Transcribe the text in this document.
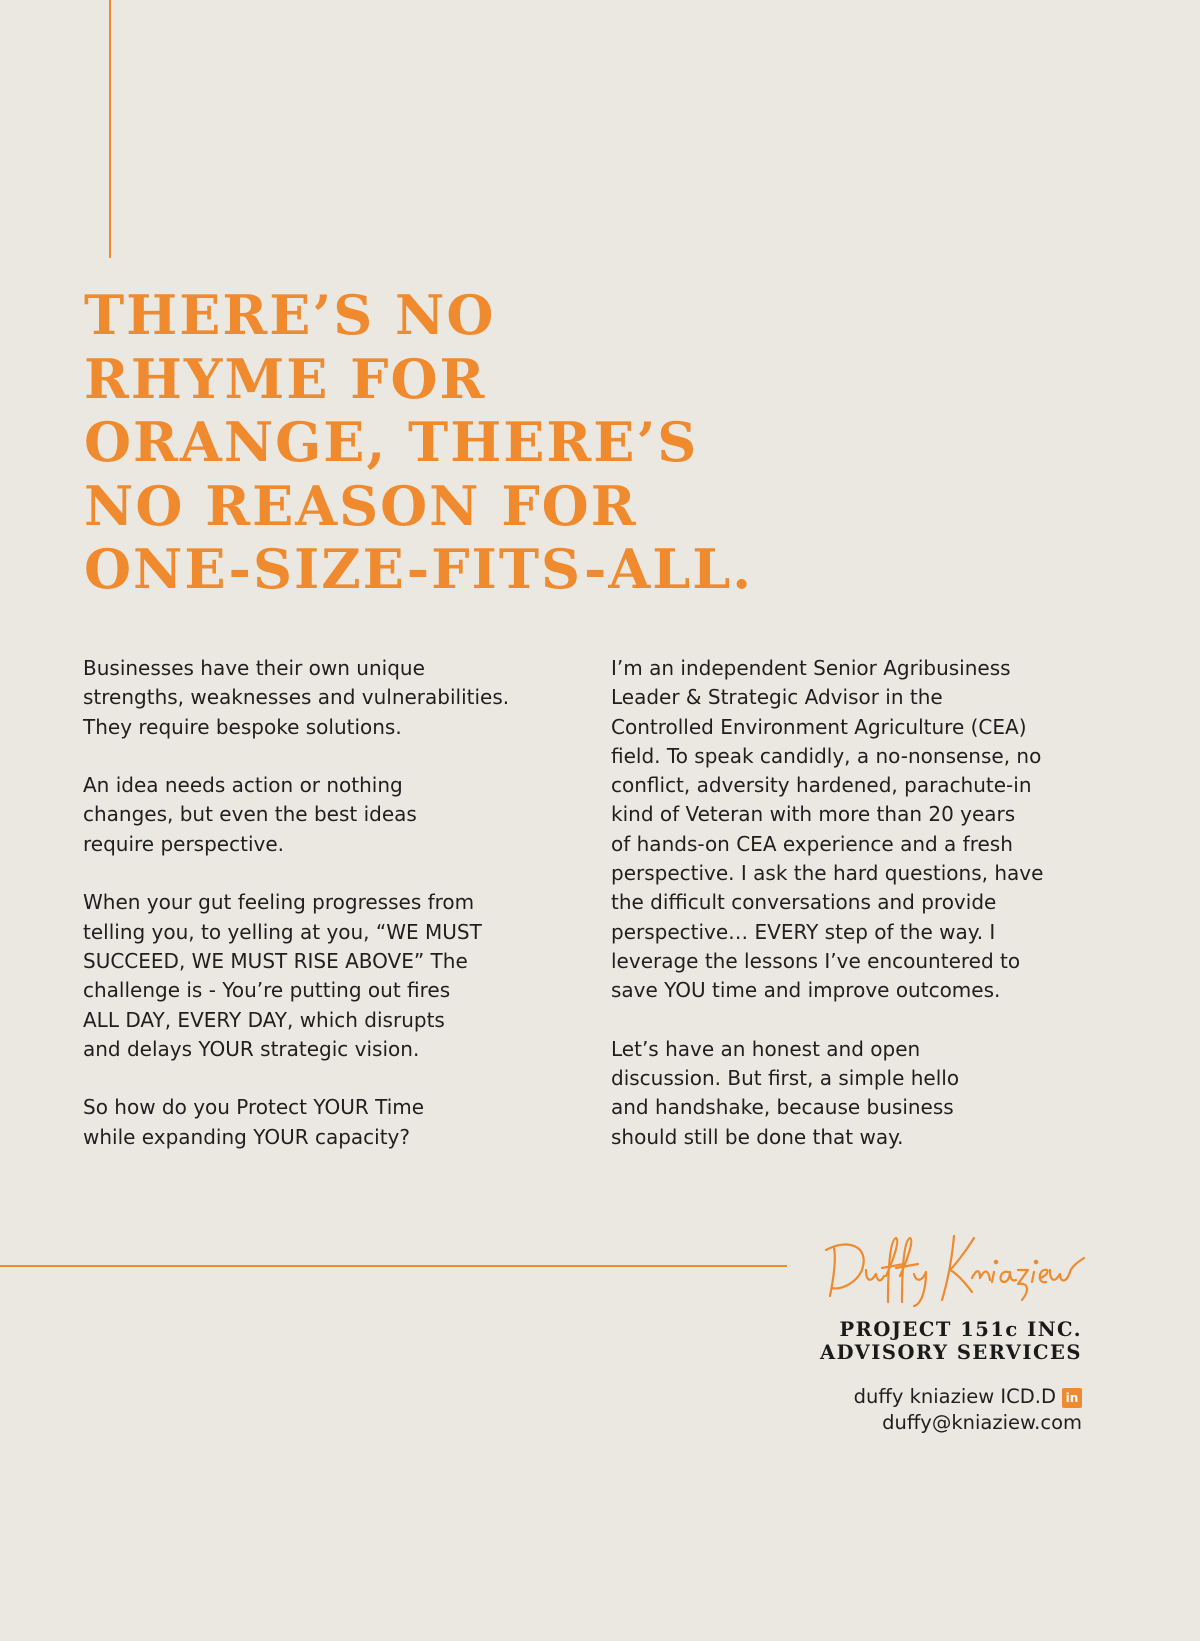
THERE’S NO
RHYME FOR
ORANGE, THERE’S
NO REASON FOR
ONE-SIZE-FITS-ALL.

Businesses have their own unique
strengths, weaknesses and vulnerabilities.
They require bespoke solutions.

An idea needs action or nothing
changes, but even the best ideas
require perspective.

When your gut feeling progresses from
telling you, to yelling at you, “WE MUST
SUCCEED, WE MUST RISE ABOVE” The
challenge is - You’re putting out fires
ALL DAY, EVERY DAY, which disrupts
and delays YOUR strategic vision.

So how do you Protect YOUR Time
while expanding YOUR capacity?

I’m an independent Senior Agribusiness
Leader & Strategic Advisor in the
Controlled Environment Agriculture (CEA)
field. To speak candidly, a no-nonsense, no
conflict, adversity hardened, parachute-in
kind of Veteran with more than 20 years
of hands-on CEA experience and a fresh
perspective. I ask the hard questions, have
the difficult conversations and provide
perspective… EVERY step of the way. I
leverage the lessons I’ve encountered to
save YOU time and improve outcomes.

Let’s have an honest and open
discussion. But first, a simple hello
and handshake, because business
should still be done that way.

PROJECT 151c INC.
ADVISORY SERVICES
duffy kniaziew ICD.D in
duffy@kniaziew.com
